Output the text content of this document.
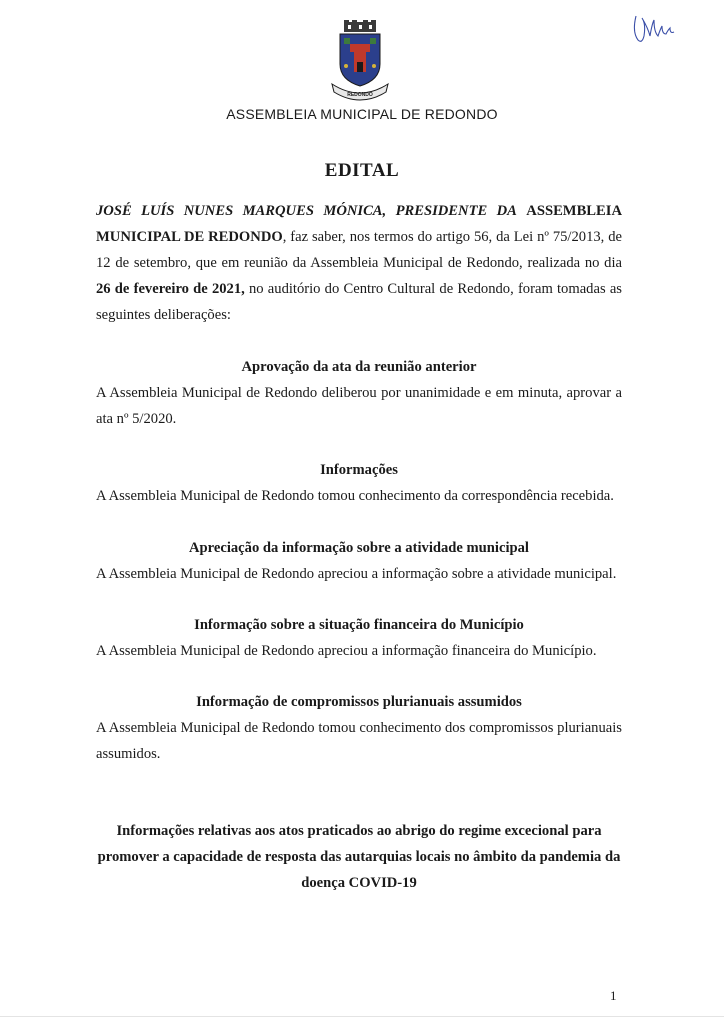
REDONDO
ASSEMBLEIA MUNICIPAL DE REDONDO
EDITAL

JOSÉ LUÍS NUNES MARQUES MÓNICA, PRESIDENTE DA ASSEMBLEIA MUNICIPAL DE REDONDO, faz saber, nos termos do artigo 56, da Lei nº 75/2013, de 12 de setembro, que em reunião da Assembleia Municipal de Redondo, realizada no dia 26 de fevereiro de 2021, no auditório do Centro Cultural de Redondo, foram tomadas as seguintes deliberações:

Aprovação da ata da reunião anterior

A Assembleia Municipal de Redondo deliberou por unanimidade e em minuta, aprovar a ata nº 5/2020.

Informações

A Assembleia Municipal de Redondo tomou conhecimento da correspondência recebida.

Apreciação da informação sobre a atividade municipal

A Assembleia Municipal de Redondo apreciou a informação sobre a atividade municipal.

Informação sobre a situação financeira do Município

A Assembleia Municipal de Redondo apreciou a informação financeira do Município.

Informação de compromissos plurianuais assumidos

A Assembleia Municipal de Redondo tomou conhecimento dos compromissos plurianuais assumidos.

Informações relativas aos atos praticados ao abrigo do regime excecional para promover a capacidade de resposta das autarquias locais no âmbito da pandemia da doença COVID-19

1
